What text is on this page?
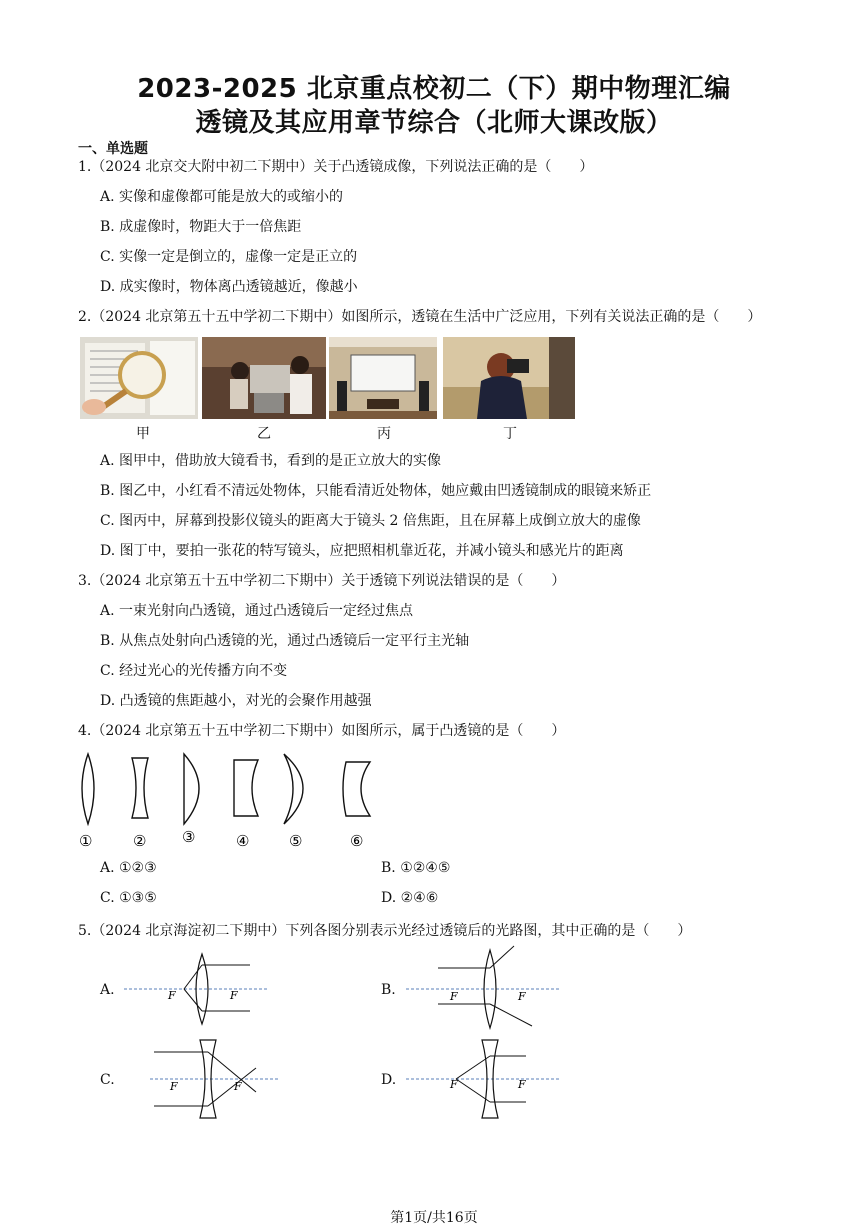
2023-2025 北京重点校初二（下）期中物理汇编
透镜及其应用章节综合（北师大课改版）
一、单选题
1.（2024 北京交大附中初二下期中）关于凸透镜成像，下列说法正确的是（　　）
A. 实像和虚像都可能是放大的或缩小的
B. 成虚像时，物距大于一倍焦距
C. 实像一定是倒立的，虚像一定是正立的
D. 成实像时，物体离凸透镜越近，像越小
2.（2024 北京第五十五中学初二下期中）如图所示，透镜在生活中广泛应用，下列有关说法正确的是（　　）
甲	乙	丙	丁
A. 图甲中，借助放大镜看书，看到的是正立放大的实像
B. 图乙中，小红看不清远处物体，只能看清近处物体，她应戴由凹透镜制成的眼镜来矫正
C. 图丙中，屏幕到投影仪镜头的距离大于镜头 2 倍焦距，且在屏幕上成倒立放大的虚像
D. 图丁中，要拍一张花的特写镜头，应把照相机靠近花，并减小镜头和感光片的距离
3.（2024 北京第五十五中学初二下期中）关于透镜下列说法错误的是（　　）
A. 一束光射向凸透镜，通过凸透镜后一定经过焦点
B. 从焦点处射向凸透镜的光，通过凸透镜后一定平行主光轴
C. 经过光心的光传播方向不变
D. 凸透镜的焦距越小，对光的会聚作用越强
4.（2024 北京第五十五中学初二下期中）如图所示，属于凸透镜的是（　　）
①	② ③	④	⑤	⑥
A. ①②③	B. ①②④⑤
C. ①③⑤	D. ②④⑥
5.（2024 北京海淀初二下期中）下列各图分别表示光经过透镜后的光路图，其中正确的是（　　）
A.	F	F	B.	F	F
C.	F	F	D.	F	F
第1页/共16页
